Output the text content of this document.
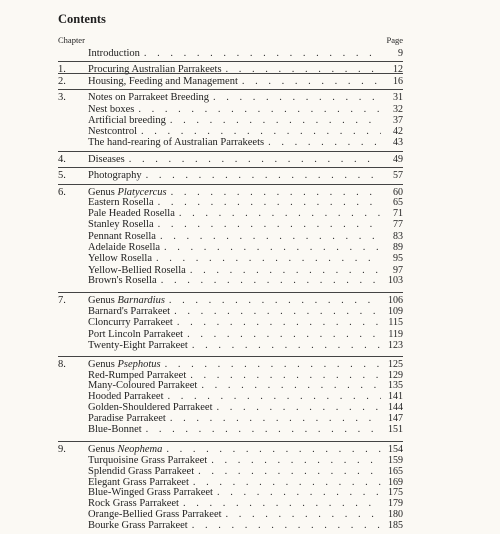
Contents
Chapter	Page
Introduction . . .	9
1.	Procuring Australian Parrakeets . . .	12
2.	Housing, Feeding and Management . . .	16
3.	Notes on Parrakeet Breeding . . .	31
Nest boxes . . .	32
Artificial breeding . . .	37
Nestcontrol . . .	42
The hand-rearing of Australian Parrakeets . . .	43
4.	Diseases . . .	49
5.	Photography . . .	57
6.	Genus Platycercus . . .	60
Eastern Rosella . . .	65
Pale Headed Rosella . . .	71
Stanley Rosella . . .	77
Pennant Rosella . . .	83
Adelaide Rosella . . .	89
Yellow Rosella . . .	95
Yellow-Bellied Rosella . . .	97
Brown's Rosella . . .	103
7.	Genus Barnardius . . .	106
Barnard's Parrakeet . . .	109
Cloncurry Parrakeet . . .	115
Port Lincoln Parrakeet . . .	119
Twenty-Eight Parrakeet . . .	123
8.	Genus Psephotus . . .	125
Red-Rumped Parrakeet . . .	129
Many-Coloured Parrakeet . . .	135
Hooded Parrakeet . . .	141
Golden-Shouldered Parrakeet . . .	144
Paradise Parrakeet . . .	147
Blue-Bonnet . . .	151
9.	Genus Neophema . . .	154
Turquoisine Grass Parrakeet . . .	159
Splendid Grass Parrakeet . . .	165
Elegant Grass Parrakeet . . .	169
Blue-Winged Grass Parrakeet . . .	175
Rock Grass Parrakeet . . .	179
Orange-Bellied Grass Parrakeet . . .	180
Bourke Grass Parrakeet . . .	185
